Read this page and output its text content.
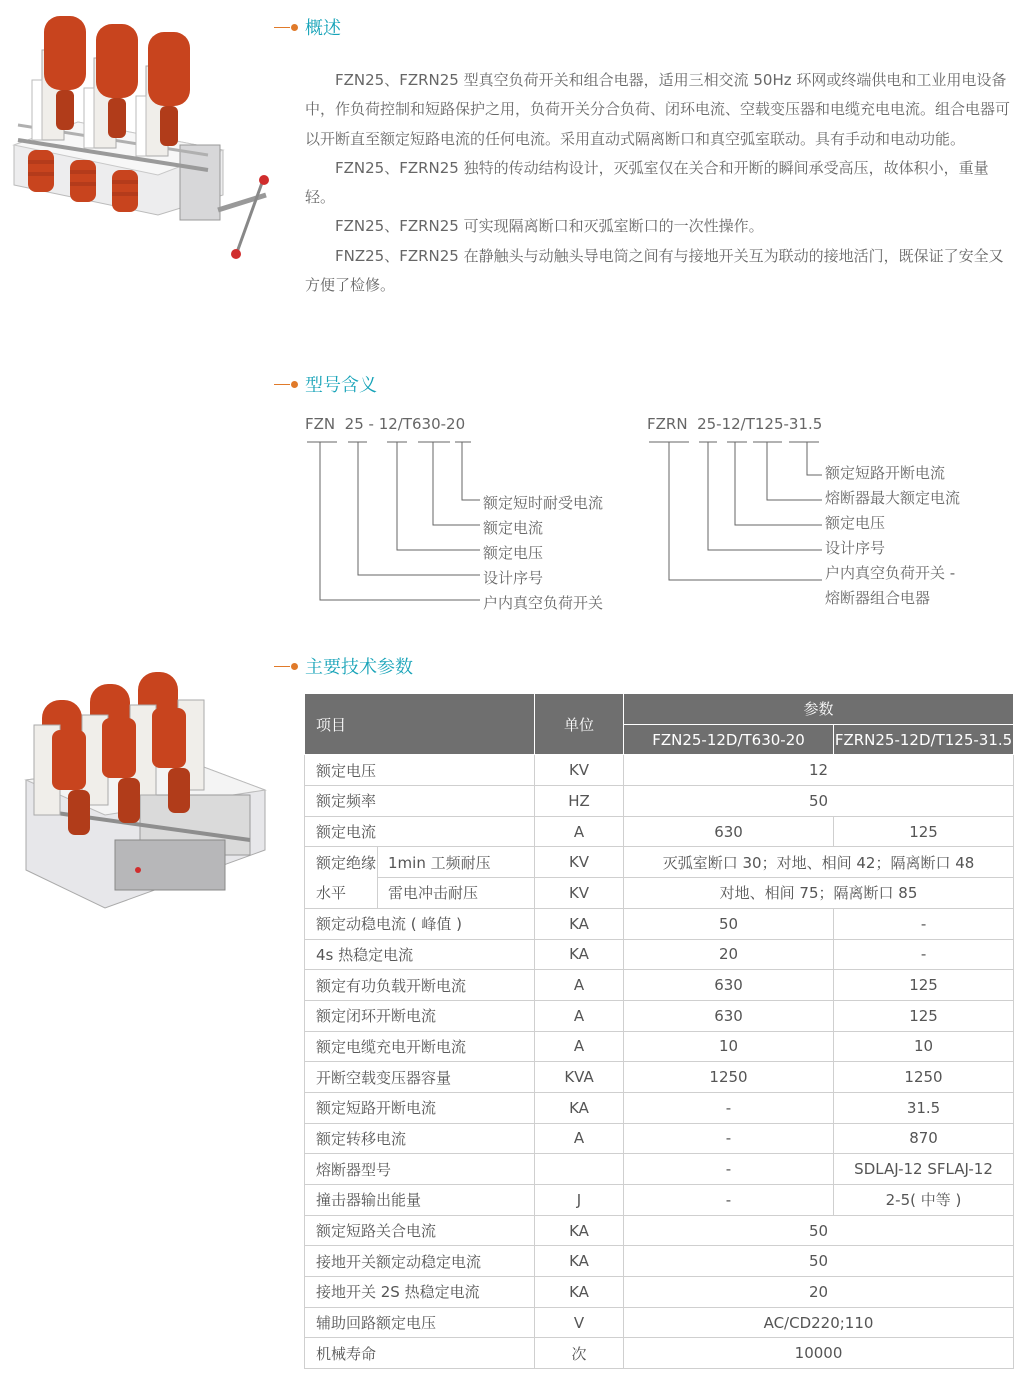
概述

FZN25、FZRN25 型真空负荷开关和组合电器，适用三相交流 50Hz 环网或终端供电和工业用电设备中，作负荷控制和短路保护之用，负荷开关分合负荷、闭环电流、空载变压器和电缆充电电流。组合电器可以开断直至额定短路电流的任何电流。采用直动式隔离断口和真空弧室联动。具有手动和电动功能。

FZN25、FZRN25 独特的传动结构设计，灭弧室仅在关合和开断的瞬间承受高压，故体积小，重量轻。

FZN25、FZRN25 可实现隔离断口和灭弧室断口的一次性操作。

FNZ25、FZRN25 在静触头与动触头导电筒之间有与接地开关互为联动的接地活门，既保证了安全又方便了检修。

型号含义
FZN  25 - 12/T630-20
额定短时耐受电流
额定电流
额定电压
设计序号
户内真空负荷开关
FZRN  25-12/T125-31.5
额定短路开断电流
熔断器最大额定电流
额定电压
设计序号
户内真空负荷开关 -
熔断器组合电器
主要技术参数
项目		单位	参数	
			FZN25-12D/T630-20	FZRN25-12D/T125-31.5
额定电压		KV	12	
额定频率		HZ	50	
额定电流		A	630	125
额定绝缘水平	1min 工频耐压	KV	灭弧室断口 30；对地、相间 42；隔离断口 48	
	雷电冲击耐压	KV	对地、相间 75；隔离断口 85	
额定动稳电流 ( 峰值 )		KA	50	-
4s 热稳定电流		KA	20	-
额定有功负载开断电流		A	630	125
额定闭环开断电流		A	630	125
额定电缆充电开断电流		A	10	10
开断空载变压器容量		KVA	1250	1250
额定短路开断电流		KA	-	31.5
额定转移电流		A	-	870
熔断器型号			-	SDLAJ-12 SFLAJ-12
撞击器输出能量		J	-	2-5( 中等 )
额定短路关合电流		KA	50	
接地开关额定动稳定电流		KA	50	
接地开关 2S 热稳定电流		KA	20	
辅助回路额定电压		V	AC/CD220;110	
机械寿命		次	10000	
